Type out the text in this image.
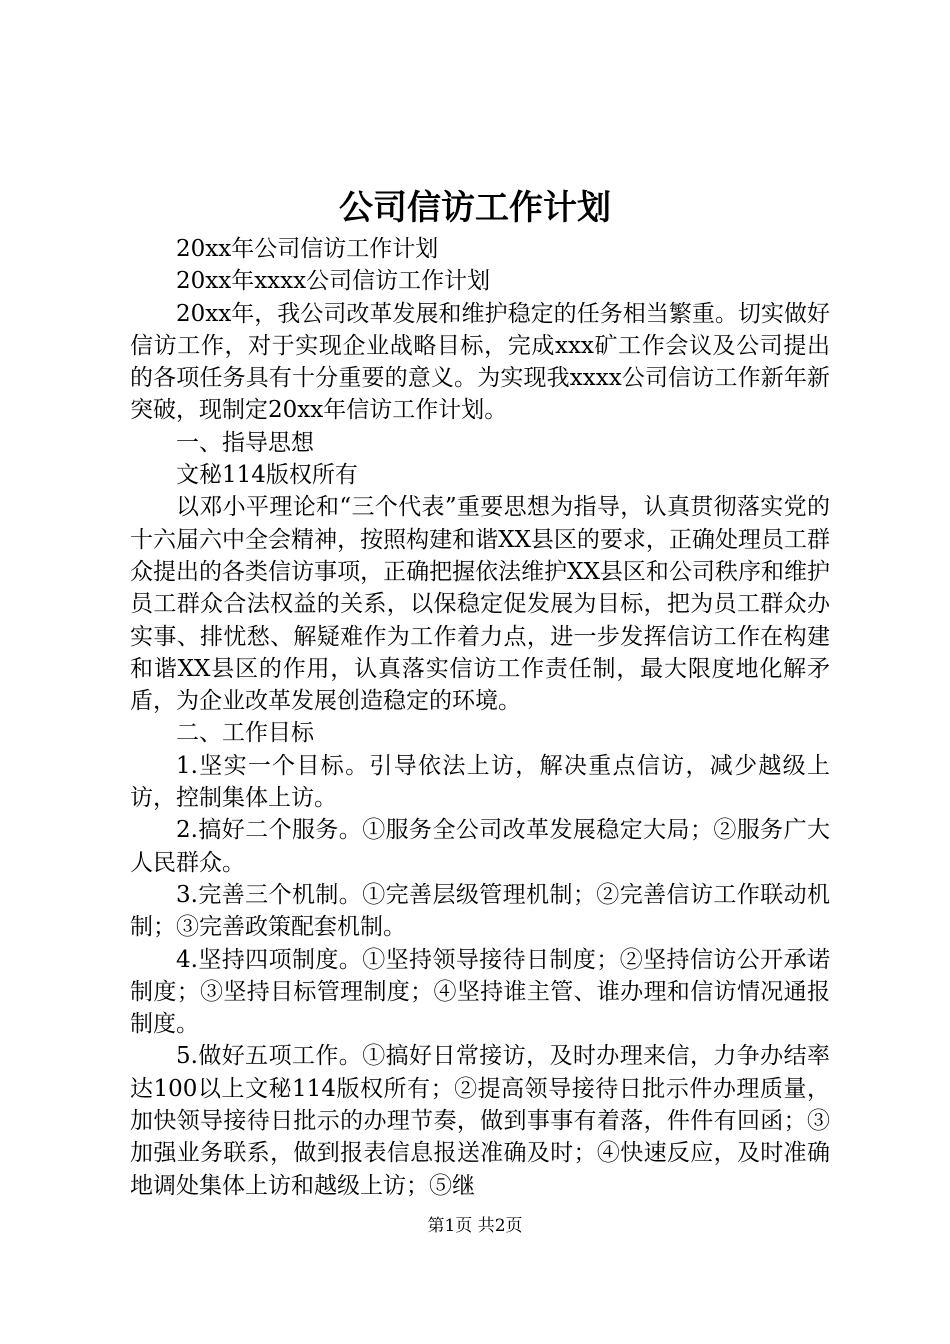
公司信访工作计划

20xx年公司信访工作计划

20xx年xxxx公司信访工作计划

20xx年，我公司改革发展和维护稳定的任务相当繁重。切实做好信访工作，对于实现企业战略目标，完成xxx矿工作会议及公司提出的各项任务具有十分重要的意义。为实现我xxxx公司信访工作新年新突破，现制定20xx年信访工作计划。

一、指导思想

文秘114版权所有

以邓小平理论和“三个代表”重要思想为指导，认真贯彻落实党的十六届六中全会精神，按照构建和谐XX县区的要求，正确处理员工群众提出的各类信访事项，正确把握依法维护XX县区和公司秩序和维护员工群众合法权益的关系，以保稳定促发展为目标，把为员工群众办实事、排忧愁、解疑难作为工作着力点，进一步发挥信访工作在构建和谐XX县区的作用，认真落实信访工作责任制，最大限度地化解矛盾，为企业改革发展创造稳定的环境。

二、工作目标

1.坚实一个目标。引导依法上访，解决重点信访，减少越级上访，控制集体上访。

2.搞好二个服务。①服务全公司改革发展稳定大局；②服务广大人民群众。

3.完善三个机制。①完善层级管理机制；②完善信访工作联动机制；③完善政策配套机制。

4.坚持四项制度。①坚持领导接待日制度；②坚持信访公开承诺制度；③坚持目标管理制度；④坚持谁主管、谁办理和信访情况通报制度。

5.做好五项工作。①搞好日常接访，及时办理来信，力争办结率达100以上文秘114版权所有；②提高领导接待日批示件办理质量，加快领导接待日批示的办理节奏，做到事事有着落，件件有回函；③加强业务联系，做到报表信息报送准确及时；④快速反应，及时准确地调处集体上访和越级上访；⑤继

第1页 共2页
